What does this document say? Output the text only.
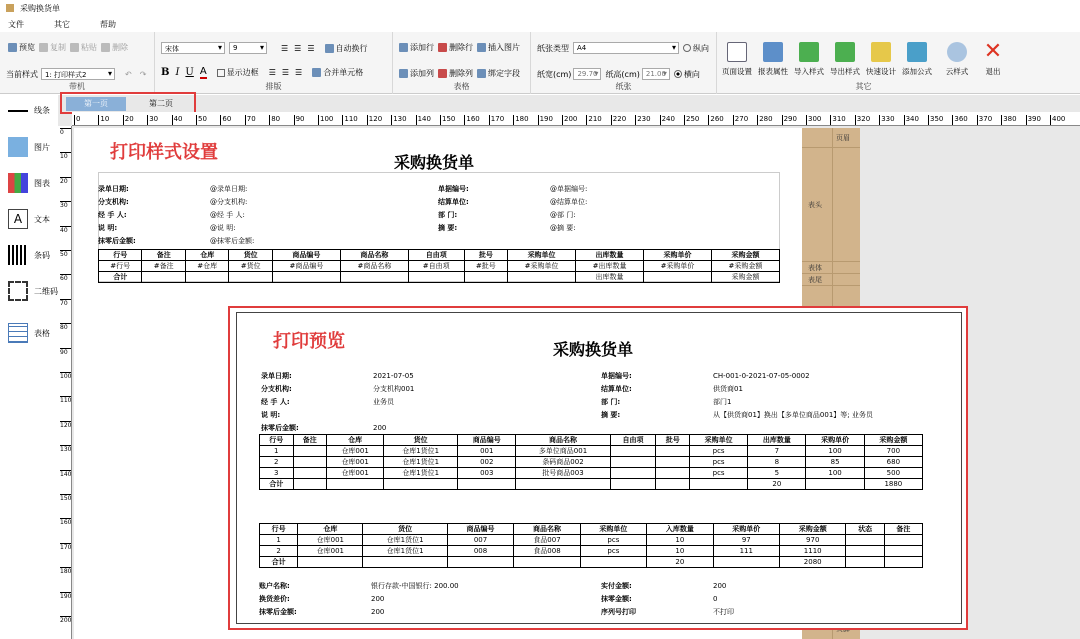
采购换货单
文件	其它	帮助
预览 复制 粘贴 删除
当前样式	1: 打印样式2 ▾	↶ ↷
带机
宋体 ▾	9 ▾	☰ ☰ ☰	自动换行
B I U A	显示边框 ☰ ☰ ☰	合并单元格
排版
添加行 删除行 插入图片
添加列 删除列 绑定字段
表格
纸张类型	A4 ▾	纵向
纸宽(cm) 29.70 ▾ 纸高(cm) 21.00 ▾	横向
纸张
页面设置 报表属性 导入样式 导出样式 快速设计 添加公式	云样式
✕
退出
其它
第一页	第二页
线条
图片
图表
A	文本
条码
二维码
表格
0	10 20 30 40 50 60 70 80 90 100 110 120 130 140 150 160 170 180 190 200 210 220 230 240 250 260 270 280 290 300 310 320 330 340 350 360 370 380 390 400
0
10
20
30
40
50
60
70
80
90
100
110
120
130
140
150
160
170
180
190
200
打印样式设置	采购换货单
录单日期:	@录单日期:
分支机构:	@分支机构:
经 手 人:	@经 手 人:
说 明:	@说 明:
抹零后金额:	@抹零后金额:
单据编号:	@单据编号:
结算单位:	@结算单位:
部 门:	@部 门:
摘 要:	@摘 要:
行号	备注	仓库	货位	商品编号	商品名称	自由项	批号	采购单位	出库数量	采购单价	采购金额
#行号	#备注	#仓库	#货位	#商品编号	#商品名称	#自由项	#批号	#采购单位	#出库数量	#采购单价	#采购金额
合计									出库数量		采购金额
页眉
表头
表体
表尾
打印预览	采购换货单
录单日期:	2021-07-05
分支机构:	分支机构001
经 手 人:	业务员
说 明:
抹零后金额:	200
单据编号:	CH-001-0-2021-07-05-0002
结算单位:	供货商01
部 门:	部门1
摘 要:	从【供货商01】换出【多单位商品001】等; 业务员
行号	备注	仓库	货位	商品编号	商品名称	自由项	批号	采购单位	出库数量	采购单价	采购金额
1		仓库001	仓库1货位1	001	多单位商品001			pcs	7	100	700
2		仓库001	仓库1货位1	002	条码商品002			pcs	8	85	680
3		仓库001	仓库1货位1	003	批号商品003			pcs	5	100	500
合计									20		1880
行号	仓库	货位	商品编号	商品名称	采购单位	入库数量	采购单价	采购金额	状态	备注
1	仓库001	仓库1货位1	007	食品007	pcs	10	97	970		
2	仓库001	仓库1货位1	008	食品008	pcs	10	111	1110		
合计						20		2080		
账户名称:	银行存款-中国银行: 200.00
换货差价:	200
抹零后金额:	200
实付金额:	200
抹零金额:	0
序列号打印	不打印
